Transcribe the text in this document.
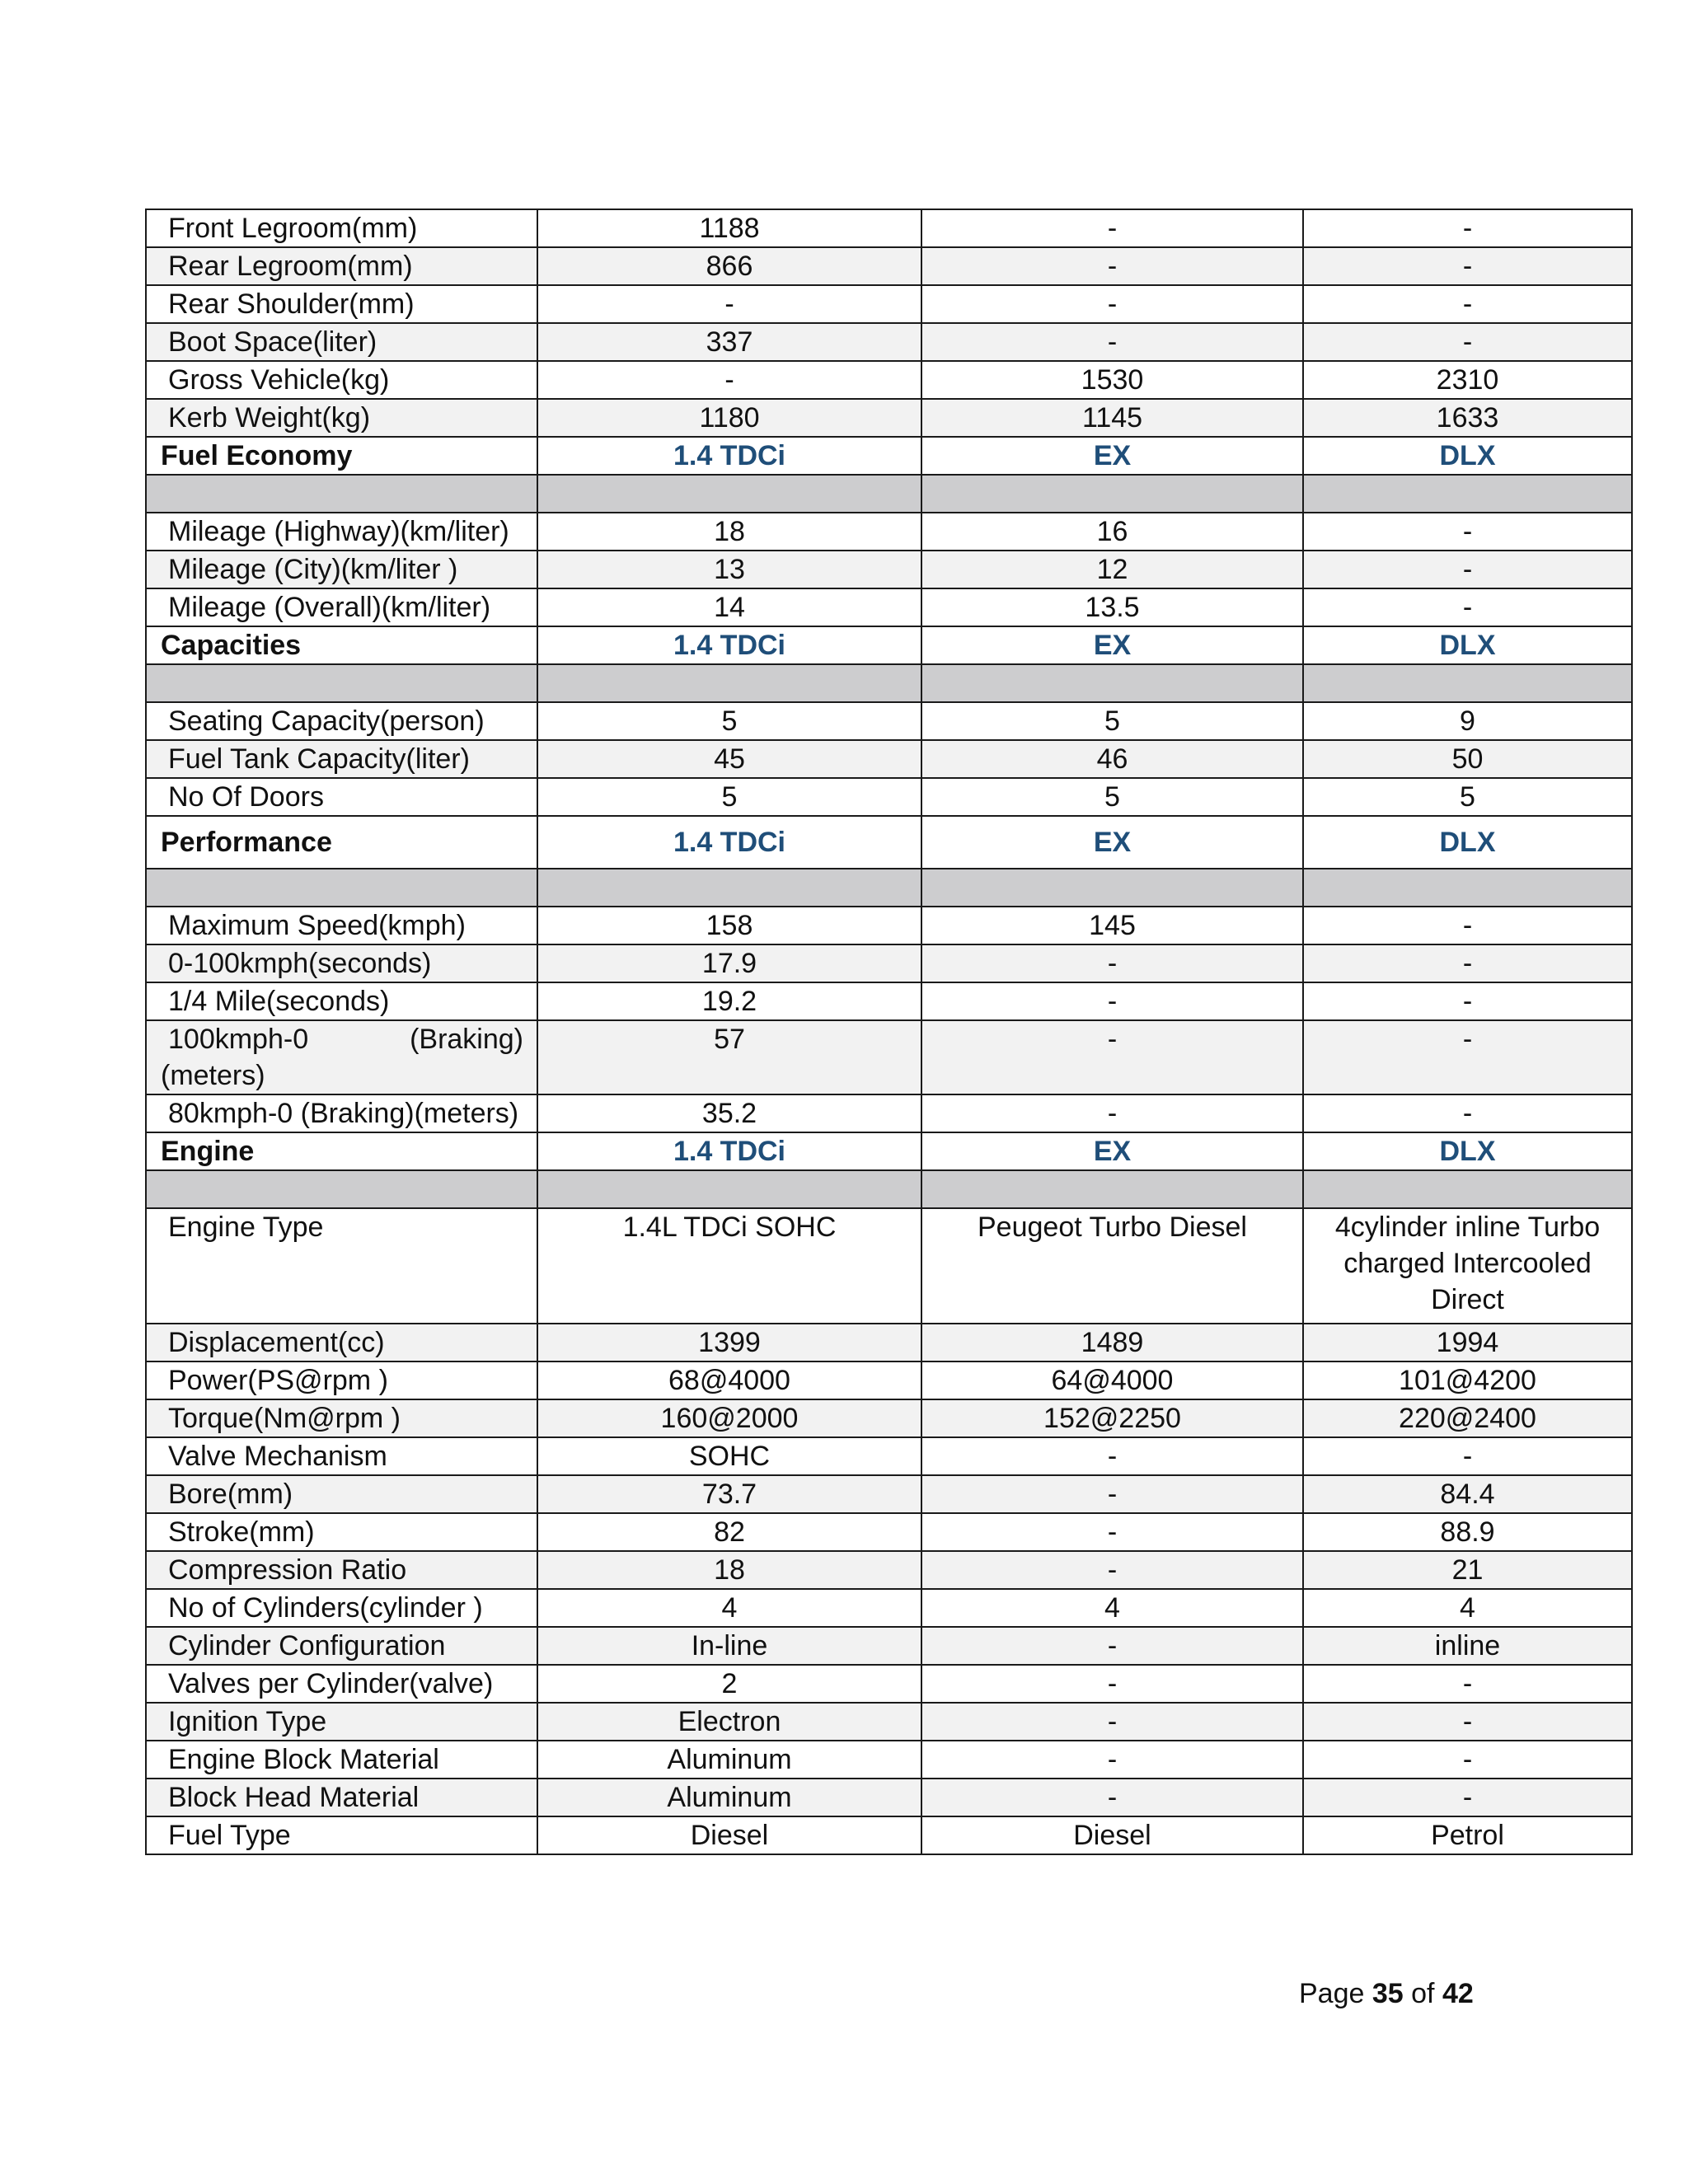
Front Legroom(mm)	1188	-	-
Rear Legroom(mm)	866	-	-
Rear Shoulder(mm)	-	-	-
Boot Space(liter)	337	-	-
Gross Vehicle(kg)	-	1530	2310
Kerb Weight(kg)	1180	1145	1633
Fuel Economy	1.4 TDCi	EX	DLX

Mileage (Highway)(km/liter)	18	16	-
Mileage (City)(km/liter )	13	12	-
Mileage (Overall)(km/liter)	14	13.5	-
Capacities	1.4 TDCi	EX	DLX

Seating Capacity(person)	5	5	9
Fuel Tank Capacity(liter)	45	46	50
No Of Doors	5	5	5
Performance	1.4 TDCi	EX	DLX

Maximum Speed(kmph)	158	145	-
0-100kmph(seconds)	17.9	-	-
1/4 Mile(seconds)	19.2	-	-

100kmph-0 (Braking)
(meters)	57	-	-
80kmph-0 (Braking)(meters)	35.2	-	-
Engine	1.4 TDCi	EX	DLX

Engine Type	1.4L TDCi SOHC	Peugeot Turbo Diesel	4cylinder inline Turbo charged Intercooled Direct
Displacement(cc)	1399	1489	1994
Power(PS@rpm )	68@4000	64@4000	101@4200
Torque(Nm@rpm )	160@2000	152@2250	220@2400
Valve Mechanism	SOHC	-	-
Bore(mm)	73.7	-	84.4
Stroke(mm)	82	-	88.9
Compression Ratio	18	-	21
No of Cylinders(cylinder )	4	4	4
Cylinder Configuration	In-line	-	inline
Valves per Cylinder(valve)	2	-	-
Ignition Type	Electron	-	-
Engine Block Material	Aluminum	-	-
Block Head Material	Aluminum	-	-
Fuel Type	Diesel	Diesel	Petrol
Page 35 of 42
